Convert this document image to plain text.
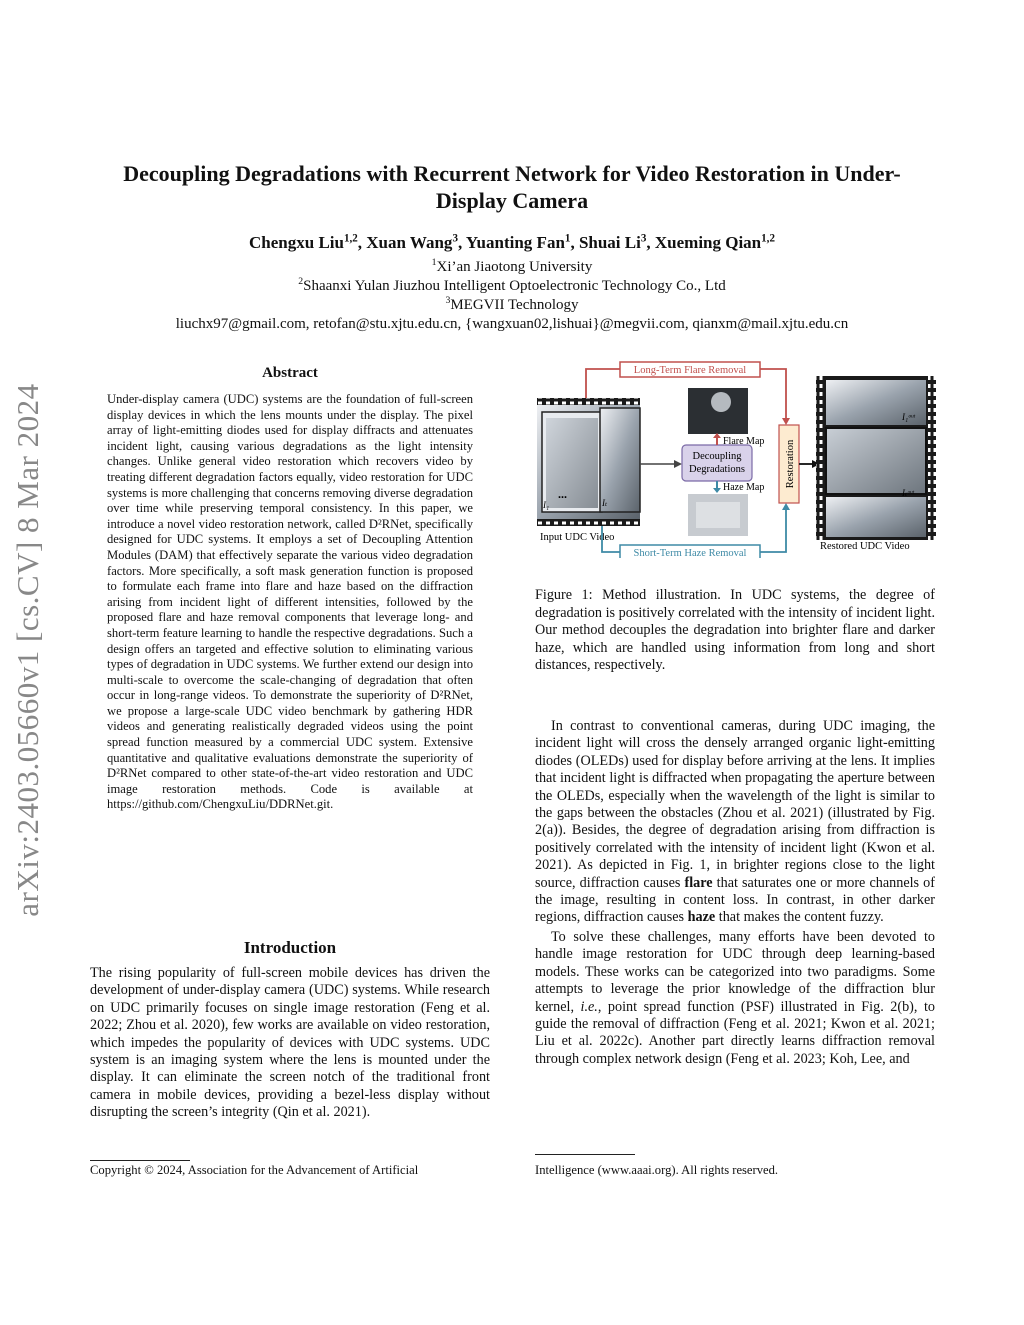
Decoupling Degradations with Recurrent Network for Video Restoration in Under-Display Camera
Chengxu Liu$^{1,2}$, Xuan Wang$^3$, Yuanting Fan$^1$, Shuai Li$^3$, Xueming Qian$^{1,2}$
$^1$Xi’an Jiaotong University
$^2$Shaanxi Yulan Jiuzhou Intelligent Optoelectronic Technology Co., Ltd
$^3$MEGVII Technology
liuchx97@gmail.com, retofan@stu.xjtu.edu.cn, {wangxuan02,lishuai}@megvii.com, qianxm@mail.xjtu.edu.cn
arXiv:2403.05660v1 [cs.CV] 8 Mar 2024
Abstract
Under-display camera (UDC) systems are the foundation of full-screen display devices in which the lens mounts under the display. The pixel array of light-emitting diodes used for display diffracts and attenuates incident light, causing various degradations as the light intensity changes. Unlike general video restoration which recovers video by treating different degradation factors equally, video restoration for UDC systems is more challenging that concerns removing diverse degradation over time while preserving temporal consistency. In this paper, we introduce a novel video restoration network, called D²RNet, specifically designed for UDC systems. It employs a set of Decoupling Attention Modules (DAM) that effectively separate the various video degradation factors. More specifically, a soft mask generation function is proposed to formulate each frame into flare and haze based on the diffraction arising from incident light of different intensities, followed by the proposed flare and haze removal components that leverage long- and short-term feature learning to handle the respective degradations. Such a design offers an targeted and effective solution to eliminating various types of degradation in UDC systems. We further extend our design into multi-scale to overcome the scale-changing of degradation that often occur in long-range videos. To demonstrate the superiority of D²RNet, we propose a large-scale UDC video benchmark by gathering HDR videos and generating realistically degraded videos using the point spread function measured by a commercial UDC system. Extensive quantitative and qualitative evaluations demonstrate the superiority of D²RNet compared to other state-of-the-art video restoration and UDC image restoration methods. Code is available at https://github.com/ChengxuLiu/DDRNet.git.
Introduction
The rising popularity of full-screen mobile devices has driven the development of under-display camera (UDC) systems. While research on UDC primarily focuses on single image restoration (Feng et al. 2022; Zhou et al. 2020), few works are available on video restoration, which impedes the popularity of devices with UDC systems. UDC system is an imaging system where the lens is mounted under the display. It can eliminate the screen notch of the traditional front camera in mobile devices, providing a bezel-less display without disrupting the screen’s integrity (Qin et al. 2021).
Copyright © 2024, Association for the Advancement of Artificial
I₁	Iₜ
...
Input UDC Video
Long-Term Flare Removal
Short-Term Haze Removal
Decoupling
Degradations
Flare Map
Haze Map Restoration
I₁ᵒᵘᵗ
Iₜᵒᵘᵗ
Restored UDC Video
Figure 1: Method illustration. In UDC systems, the degree of degradation is positively correlated with the intensity of incident light. Our method decouples the degradation into brighter flare and darker haze, which are handled using information from long and short distances, respectively.

In contrast to conventional cameras, during UDC imaging, the incident light will cross the densely arranged organic light-emitting diodes (OLEDs) used for display before arriving at the lens. It implies that incident light is diffracted when propagating the aperture between the OLEDs, especially when the wavelength of the light is similar to the gaps between the obstacles (Zhou et al. 2021) (illustrated by Fig. 2(a)). Besides, the degree of degradation arising from diffraction is positively correlated with the intensity of incident light (Kwon et al. 2021). As depicted in Fig. 1, in brighter regions close to the light source, diffraction causes flare that saturates one or more channels of the image, resulting in content loss. In contrast, in other darker regions, diffraction causes haze that makes the content fuzzy.

To solve these challenges, many efforts have been devoted to handle image restoration for UDC through deep learning-based models. These works can be categorized into two paradigms. Some attempts to leverage the prior knowledge of the diffraction blur kernel, i.e., point spread function (PSF) illustrated in Fig. 2(b), to guide the removal of diffraction (Feng et al. 2021; Kwon et al. 2021; Liu et al. 2022c). Another part directly learns diffraction removal through complex network design (Feng et al. 2023; Koh, Lee, and

Intelligence (www.aaai.org). All rights reserved.
